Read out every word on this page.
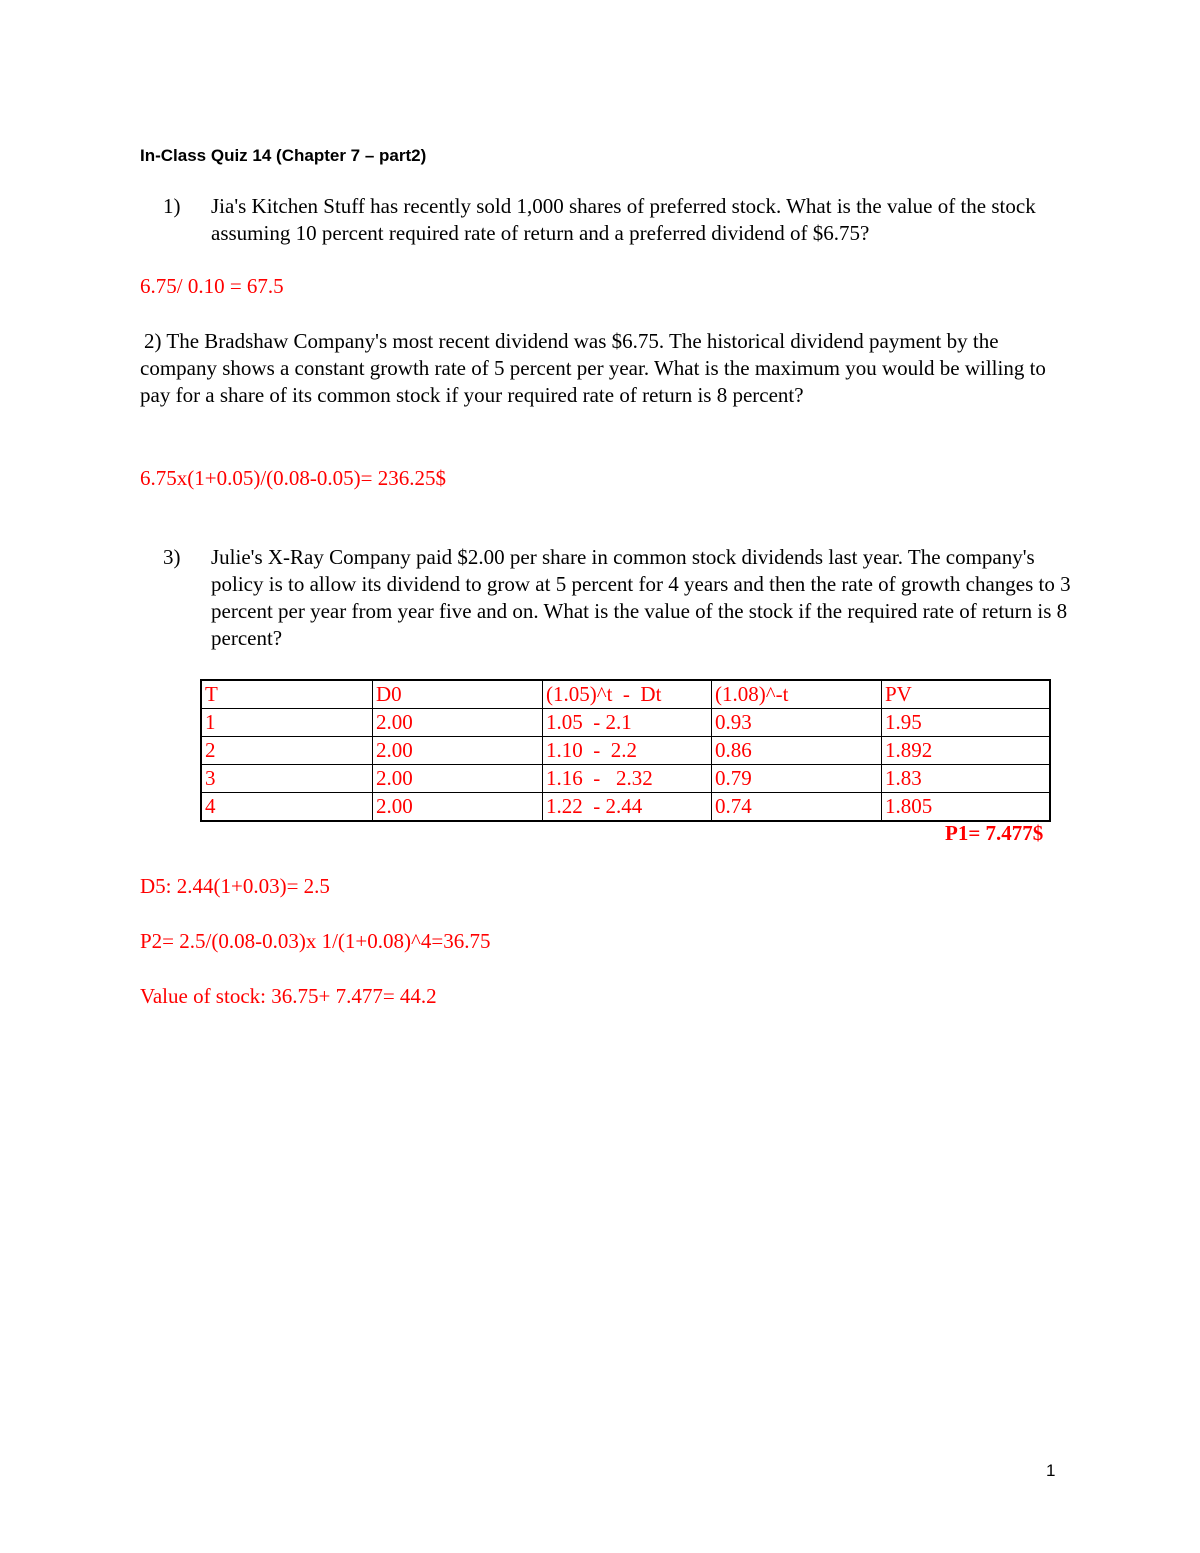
In-Class Quiz 14 (Chapter 7 – part2)
1) Jia's Kitchen Stuff has recently sold 1,000 shares of preferred stock. What is the value of the stock assuming 10 percent required rate of return and a preferred dividend of $6.75?
6.75/ 0.10 = 67.5
2) The Bradshaw Company's most recent dividend was $6.75. The historical dividend payment by the company shows a constant growth rate of 5 percent per year. What is the maximum you would be willing to pay for a share of its common stock if your required rate of return is 8 percent?
6.75x(1+0.05)/(0.08-0.05)= 236.25$
3) Julie's X-Ray Company paid $2.00 per share in common stock dividends last year. The company's policy is to allow its dividend to grow at 5 percent for 4 years and then the rate of growth changes to 3 percent per year from year five and on. What is the value of the stock if the required rate of return is 8 percent?
T	D0	(1.05)^t  -  Dt	(1.08)^-t	PV
1	2.00	1.05  - 2.1	0.93	1.95
2	2.00	1.10  -  2.2	0.86	1.892
3	2.00	1.16  -   2.32	0.79	1.83
4	2.00	1.22  - 2.44	0.74	1.805
P1= 7.477$
D5: 2.44(1+0.03)= 2.5
P2= 2.5/(0.08-0.03)x 1/(1+0.08)^4=36.75
Value of stock: 36.75+ 7.477= 44.2
1
